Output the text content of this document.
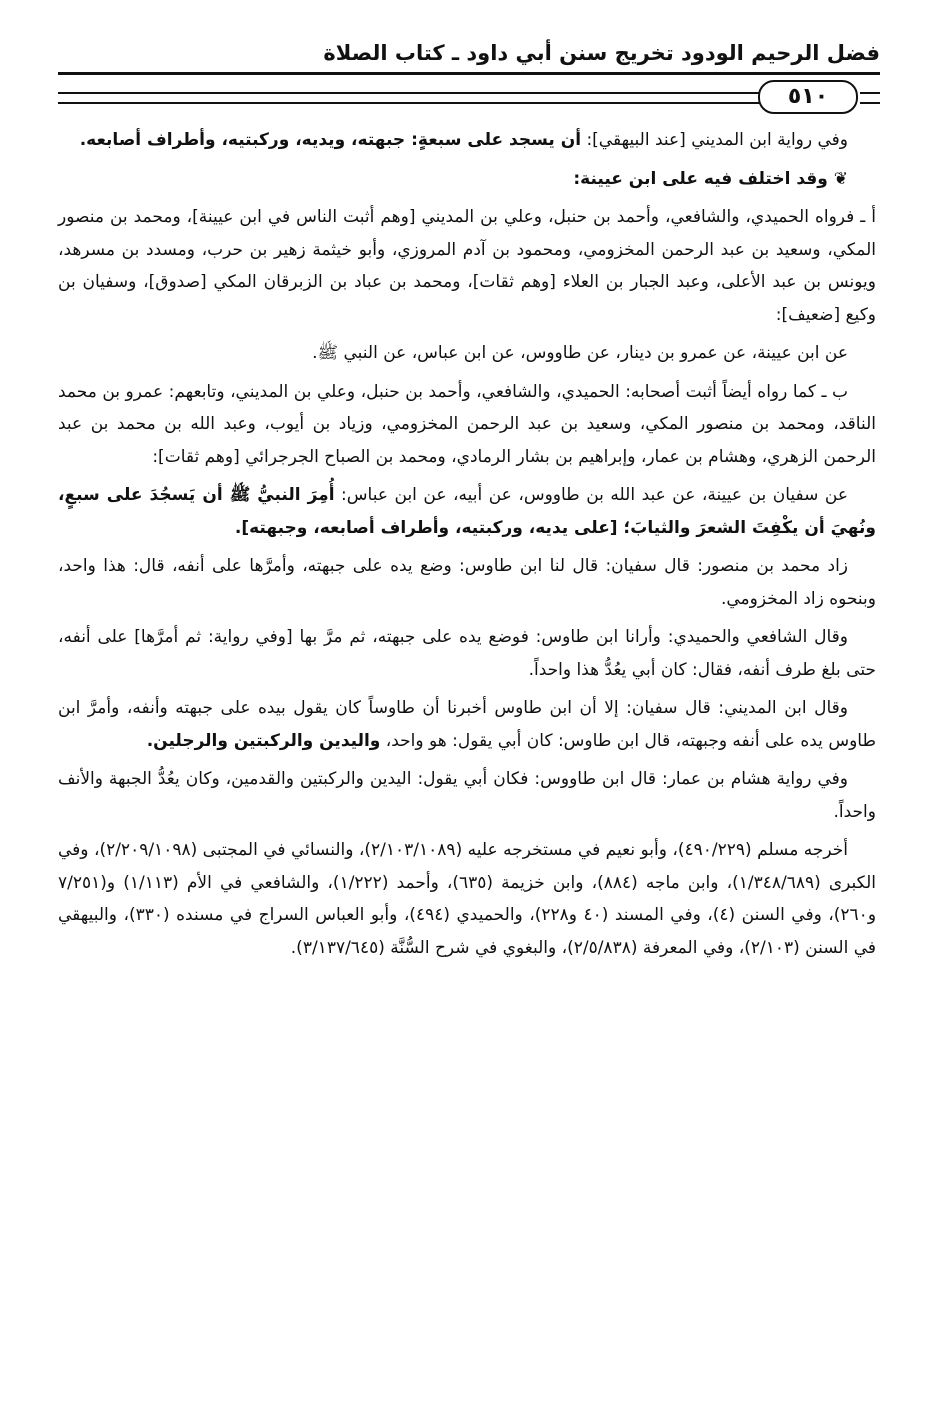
فضل الرحيم الودود تخريج سنن أبي داود ـ كتاب الصلاة
٥١٠

وفي رواية ابن المديني [عند البيهقي]: أن يسجد على سبعةٍ: جبهته، ويديه، وركبتيه، وأطراف أصابعه.

❦ وقد اختلف فيه على ابن عيينة:

أ ـ فرواه الحميدي، والشافعي، وأحمد بن حنبل، وعلي بن المديني [وهم أثبت الناس في ابن عيينة]، ومحمد بن منصور المكي، وسعيد بن عبد الرحمن المخزومي، ومحمود بن آدم المروزي، وأبو خيثمة زهير بن حرب، ومسدد بن مسرهد، ويونس بن عبد الأعلى، وعبد الجبار بن العلاء [وهم ثقات]، ومحمد بن عباد بن الزبرقان المكي [صدوق]، وسفيان بن وكيع [ضعيف]:

عن ابن عيينة، عن عمرو بن دينار، عن طاووس، عن ابن عباس، عن النبي ﷺ.

ب ـ كما رواه أيضاً أثبت أصحابه: الحميدي، والشافعي، وأحمد بن حنبل، وعلي بن المديني، وتابعهم: عمرو بن محمد الناقد، ومحمد بن منصور المكي، وسعيد بن عبد الرحمن المخزومي، وزياد بن أيوب، وعبد الله بن محمد بن عبد الرحمن الزهري، وهشام بن عمار، وإبراهيم بن بشار الرمادي، ومحمد بن الصباح الجرجرائي [وهم ثقات]:

عن سفيان بن عيينة، عن عبد الله بن طاووس، عن أبيه، عن ابن عباس: أُمِرَ النبيُّ ﷺ أن يَسجُدَ على سبعٍ، ونُهيَ أن يكْفِتَ الشعرَ والثيابَ؛ [على يديه، وركبتيه، وأطراف أصابعه، وجبهته].

زاد محمد بن منصور: قال سفيان: قال لنا ابن طاوس: وضع يده على جبهته، وأمرَّها على أنفه، قال: هذا واحد، وبنحوه زاد المخزومي.

وقال الشافعي والحميدي: وأرانا ابن طاوس: فوضع يده على جبهته، ثم مرَّ بها [وفي رواية: ثم أمرَّها] على أنفه، حتى بلغ طرف أنفه، فقال: كان أبي يعُدُّ هذا واحداً.

وقال ابن المديني: قال سفيان: إلا أن ابن طاوس أخبرنا أن طاوساً كان يقول بيده على جبهته وأنفه، وأمرَّ ابن طاوس يده على أنفه وجبهته، قال ابن طاوس: كان أبي يقول: هو واحد، واليدين والركبتين والرجلين.

وفي رواية هشام بن عمار: قال ابن طاووس: فكان أبي يقول: اليدين والركبتين والقدمين، وكان يعُدُّ الجبهة والأنف واحداً.

أخرجه مسلم (٤٩٠/٢٢٩)، وأبو نعيم في مستخرجه عليه (٢/١٠٣/١٠٨٩)، والنسائي في المجتبى (٢/٢٠٩/١٠٩٨)، وفي الكبرى (١/٣٤٨/٦٨٩)، وابن ماجه (٨٨٤)، وابن خزيمة (٦٣٥)، وأحمد (١/٢٢٢)، والشافعي في الأم (١/١١٣) و(٧/٢٥١ و٢٦٠)، وفي السنن (٤)، وفي المسند (٤٠ و٢٢٨)، والحميدي (٤٩٤)، وأبو العباس السراج في مسنده (٣٣٠)، والبيهقي في السنن (٢/١٠٣)، وفي المعرفة (٢/٥/٨٣٨)، والبغوي في شرح السُّنَّة (٣/١٣٧/٦٤٥).
